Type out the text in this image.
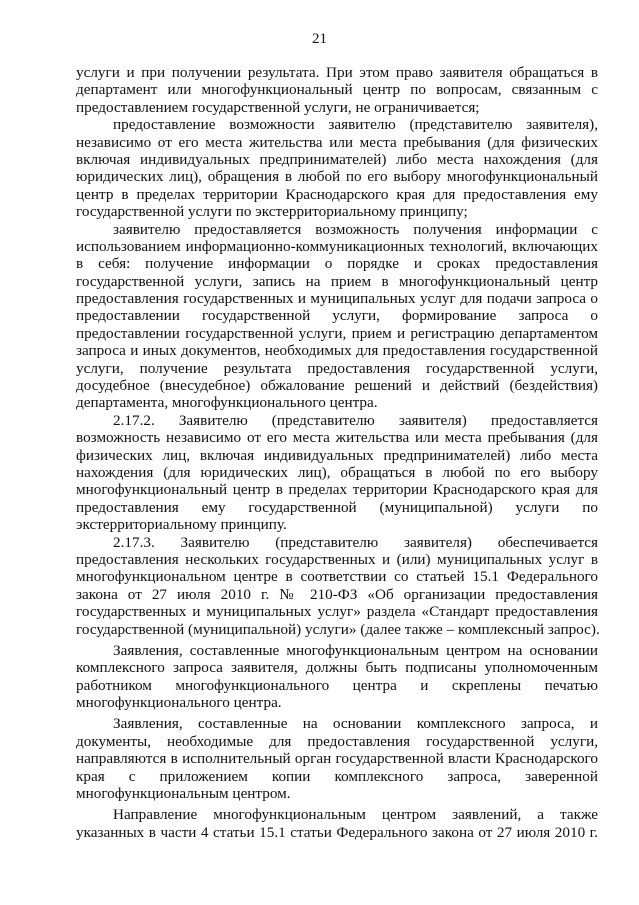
21
услуги и при получении результата. При этом право заявителя обращаться в
департамент или многофункциональный центр по вопросам, связанным с
предоставлением государственной услуги, не ограничивается;
предоставление возможности заявителю (представителю заявителя),
независимо от его места жительства или места пребывания (для физических
включая индивидуальных предпринимателей) либо места нахождения (для
юридических лиц), обращения в любой по его выбору многофункциональный
центр в пределах территории Краснодарского края для предоставления ему
государственной услуги по экстерриториальному принципу;
заявителю предоставляется возможность получения информации с
использованием информационно-коммуникационных технологий, включающих
в себя: получение информации о порядке и сроках предоставления
государственной услуги, запись на прием в многофункциональный центр
предоставления государственных и муниципальных услуг для подачи запроса о
предоставлении государственной услуги, формирование запроса о
предоставлении государственной услуги, прием и регистрацию департаментом
запроса и иных документов, необходимых для предоставления государственной
услуги, получение результата предоставления государственной услуги,
досудебное (внесудебное) обжалование решений и действий (бездействия)
департамента, многофункционального центра.
2.17.2. Заявителю (представителю заявителя) предоставляется
возможность независимо от его места жительства или места пребывания (для
физических лиц, включая индивидуальных предпринимателей) либо места
нахождения (для юридических лиц), обращаться в любой по его выбору
многофункциональный центр в пределах территории Краснодарского края для
предоставления ему государственной (муниципальной) услуги по
экстерриториальному принципу.
2.17.3. Заявителю (представителю заявителя) обеспечивается
предоставления нескольких государственных и (или) муниципальных услуг в
многофункциональном центре в соответствии со статьей 15.1 Федерального
закона от 27 июля 2010 г. № 210-ФЗ «Об организации предоставления
государственных и муниципальных услуг» раздела «Стандарт предоставления
государственной (муниципальной) услуги» (далее также – комплексный запрос).
Заявления, составленные многофункциональным центром на основании
комплексного запроса заявителя, должны быть подписаны уполномоченным
работником многофункционального центра и скреплены печатью
многофункционального центра.
Заявления, составленные на основании комплексного запроса, и
документы, необходимые для предоставления государственной услуги,
направляются в исполнительный орган государственной власти Краснодарского
края с приложением копии комплексного запроса, заверенной
многофункциональным центром.
Направление многофункциональным центром заявлений, а также
указанных в части 4 статьи 15.1 статьи Федерального закона от 27 июля 2010 г.
